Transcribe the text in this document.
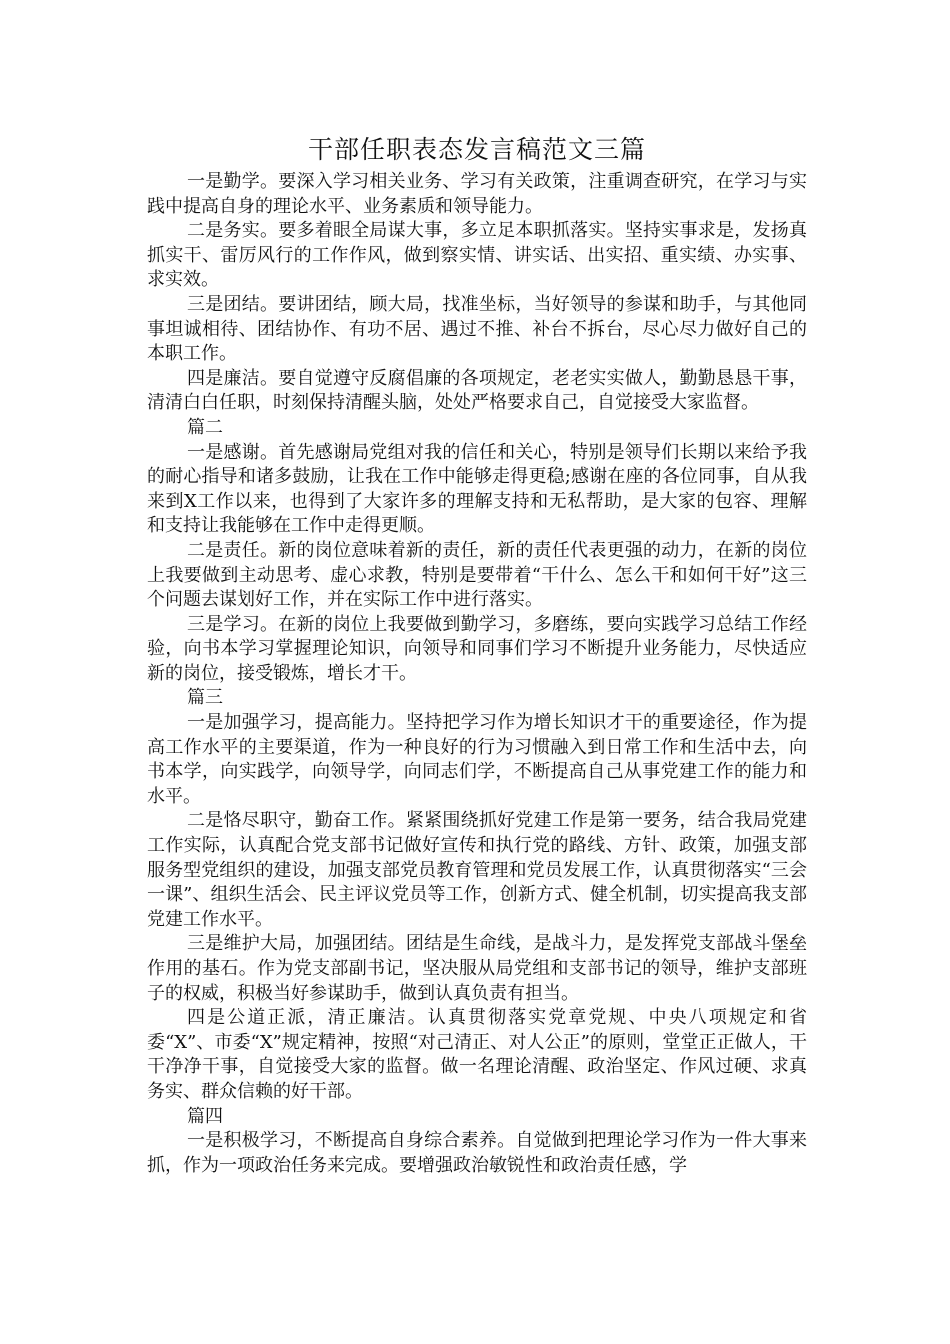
干部任职表态发言稿范文三篇

一是勤学。要深入学习相关业务、学习有关政策，注重调查研究，在学习与实践中提高自身的理论水平、业务素质和领导能力。

二是务实。要多着眼全局谋大事，多立足本职抓落实。坚持实事求是，发扬真抓实干、雷厉风行的工作作风，做到察实情、讲实话、出实招、重实绩、办实事、求实效。

三是团结。要讲团结，顾大局，找准坐标，当好领导的参谋和助手，与其他同事坦诚相待、团结协作、有功不居、遇过不推、补台不拆台，尽心尽力做好自己的本职工作。

四是廉洁。要自觉遵守反腐倡廉的各项规定，老老实实做人，勤勤恳恳干事，清清白白任职，时刻保持清醒头脑，处处严格要求自己，自觉接受大家监督。

篇二

一是感谢。首先感谢局党组对我的信任和关心，特别是领导们长期以来给予我的耐心指导和诸多鼓励，让我在工作中能够走得更稳;感谢在座的各位同事，自从我来到X工作以来，也得到了大家许多的理解支持和无私帮助，是大家的包容、理解和支持让我能够在工作中走得更顺。

二是责任。新的岗位意味着新的责任，新的责任代表更强的动力，在新的岗位上我要做到主动思考、虚心求教，特别是要带着“干什么、怎么干和如何干好”这三个问题去谋划好工作，并在实际工作中进行落实。

三是学习。在新的岗位上我要做到勤学习，多磨练，要向实践学习总结工作经验，向书本学习掌握理论知识，向领导和同事们学习不断提升业务能力，尽快适应新的岗位，接受锻炼，增长才干。

篇三

一是加强学习，提高能力。坚持把学习作为增长知识才干的重要途径，作为提高工作水平的主要渠道，作为一种良好的行为习惯融入到日常工作和生活中去，向书本学，向实践学，向领导学，向同志们学，不断提高自己从事党建工作的能力和水平。

二是恪尽职守，勤奋工作。紧紧围绕抓好党建工作是第一要务，结合我局党建工作实际，认真配合党支部书记做好宣传和执行党的路线、方针、政策，加强支部服务型党组织的建设，加强支部党员教育管理和党员发展工作，认真贯彻落实“三会一课”、组织生活会、民主评议党员等工作，创新方式、健全机制，切实提高我支部党建工作水平。

三是维护大局，加强团结。团结是生命线，是战斗力，是发挥党支部战斗堡垒作用的基石。作为党支部副书记，坚决服从局党组和支部书记的领导，维护支部班子的权威，积极当好参谋助手，做到认真负责有担当。

四是公道正派，清正廉洁。认真贯彻落实党章党规、中央八项规定和省委“X”、市委“X”规定精神，按照“对己清正、对人公正”的原则，堂堂正正做人，干干净净干事，自觉接受大家的监督。做一名理论清醒、政治坚定、作风过硬、求真务实、群众信赖的好干部。

篇四

一是积极学习，不断提高自身综合素养。自觉做到把理论学习作为一件大事来抓，作为一项政治任务来完成。要增强政治敏锐性和政治责任感，学
